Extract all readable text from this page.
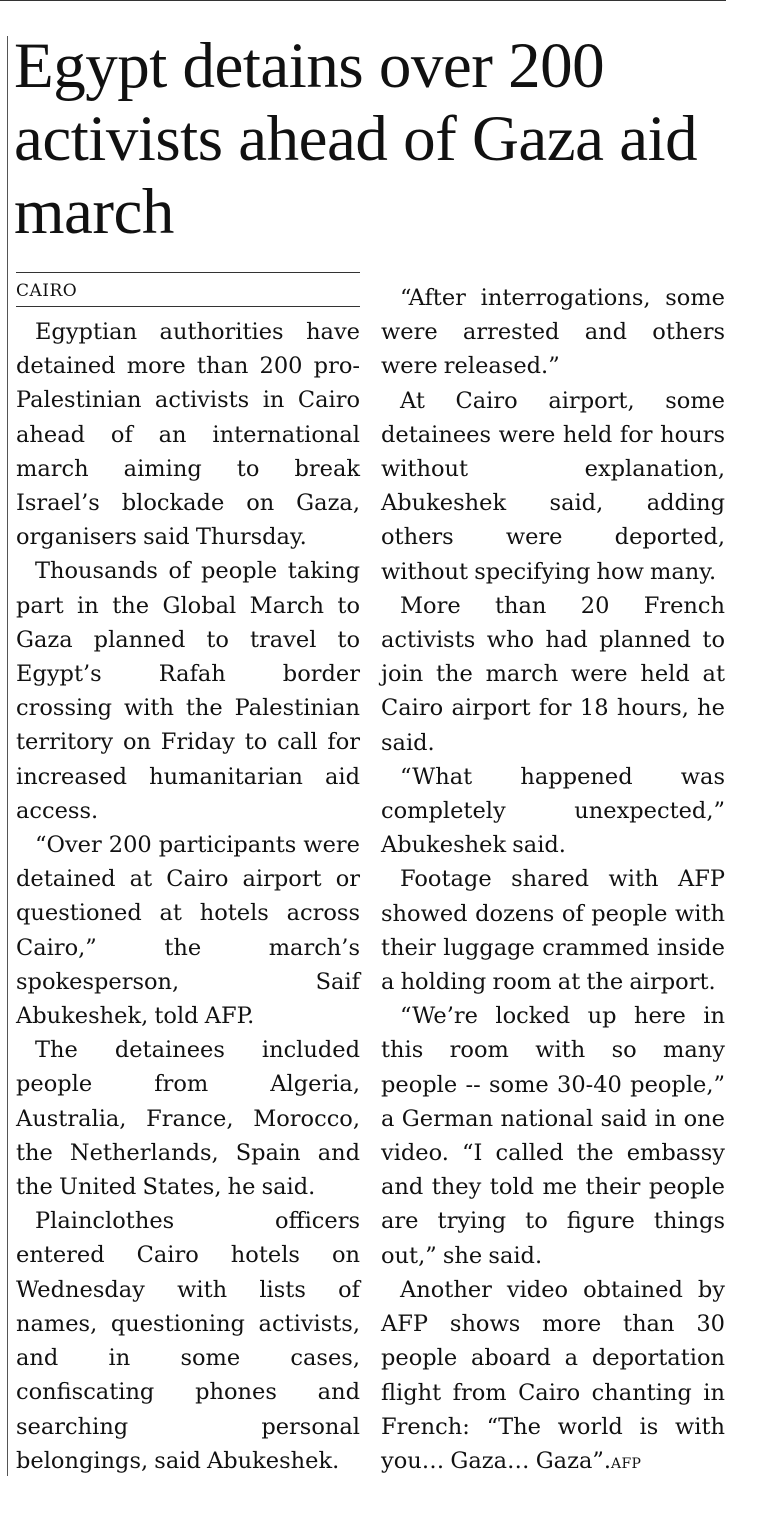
Egypt detains over 200 activists ahead of Gaza aid march
CAIRO

Egyptian authorities have detained more than 200 pro-Palestinian activists in Cairo ahead of an international march aiming to break Israel’s blockade on Gaza, organisers said Thursday.

Thousands of people taking part in the Global March to Gaza planned to travel to Egypt’s Rafah border crossing with the Palestinian territory on Friday to call for increased humanitarian aid access.

“Over 200 participants were detained at Cairo airport or questioned at hotels across Cairo,” the march’s spokesperson, Saif Abukeshek, told AFP.

The detainees included people from Algeria, Australia, France, Morocco, the Netherlands, Spain and the United States, he said.

Plainclothes officers entered Cairo hotels on Wednesday with lists of names, questioning activists, and in some cases, confiscating phones and searching personal belongings, said Abukeshek.

“After interrogations, some were arrested and others were released.”

At Cairo airport, some detainees were held for hours without explanation, Abukeshek said, adding others were deported, without specifying how many.

More than 20 French activists who had planned to join the march were held at Cairo airport for 18 hours, he said.

“What happened was completely unexpected,” Abukeshek said.

Footage shared with AFP showed dozens of people with their luggage crammed inside a holding room at the airport.

“We’re locked up here in this room with so many people -- some 30-40 people,” a German national said in one video. “I called the embassy and they told me their people are trying to figure things out,” she said.

Another video obtained by AFP shows more than 30 people aboard a deportation flight from Cairo chanting in French: “The world is with you… Gaza… Gaza”.AFP
